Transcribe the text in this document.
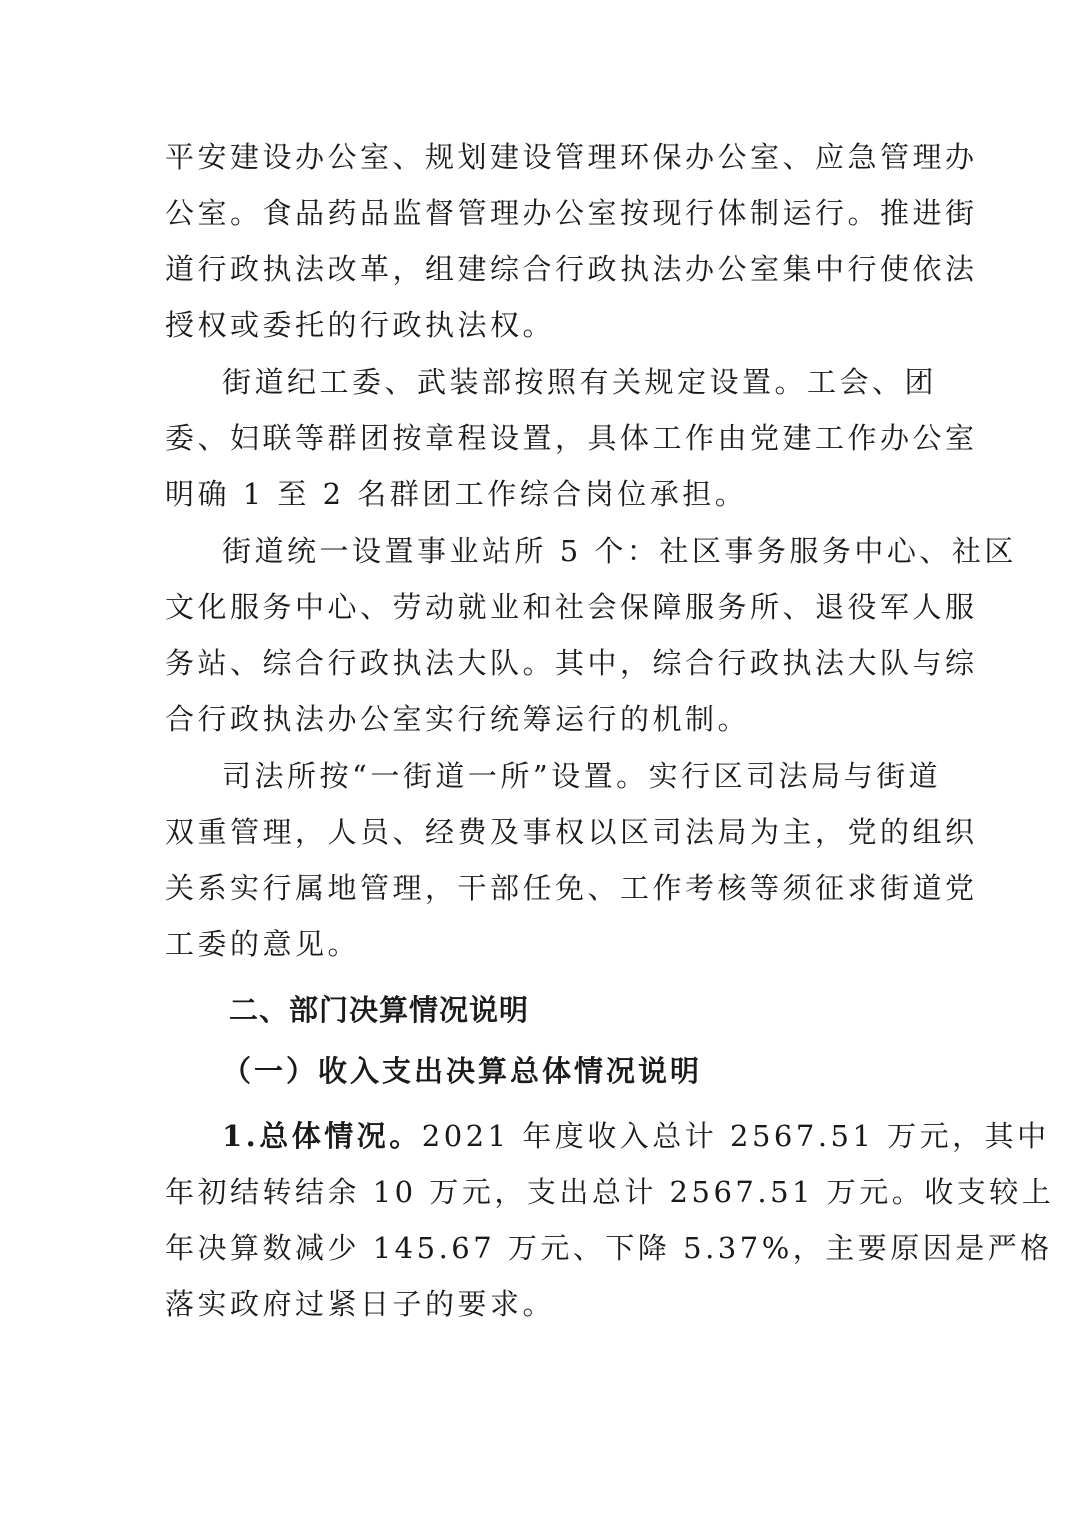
平安建设办公室、规划建设管理环保办公室、应急管理办
公室。食品药品监督管理办公室按现行体制运行。推进街
道行政执法改革，组建综合行政执法办公室集中行使依法
授权或委托的行政执法权。
街道纪工委、武装部按照有关规定设置。工会、团
委、妇联等群团按章程设置，具体工作由党建工作办公室
明确 1 至 2 名群团工作综合岗位承担。
街道统一设置事业站所 5 个：社区事务服务中心、社区
文化服务中心、劳动就业和社会保障服务所、退役军人服
务站、综合行政执法大队。其中，综合行政执法大队与综
合行政执法办公室实行统筹运行的机制。
司法所按“一街道一所”设置。实行区司法局与街道
双重管理，人员、经费及事权以区司法局为主，党的组织
关系实行属地管理，干部任免、工作考核等须征求街道党
工委的意见。
二、部门决算情况说明
（一）收入支出决算总体情况说明
1.总体情况。2021 年度收入总计 2567.51 万元，其中
年初结转结余 10 万元，支出总计 2567.51 万元。收支较上
年决算数减少 145.67 万元、下降 5.37%，主要原因是严格
落实政府过紧日子的要求。
